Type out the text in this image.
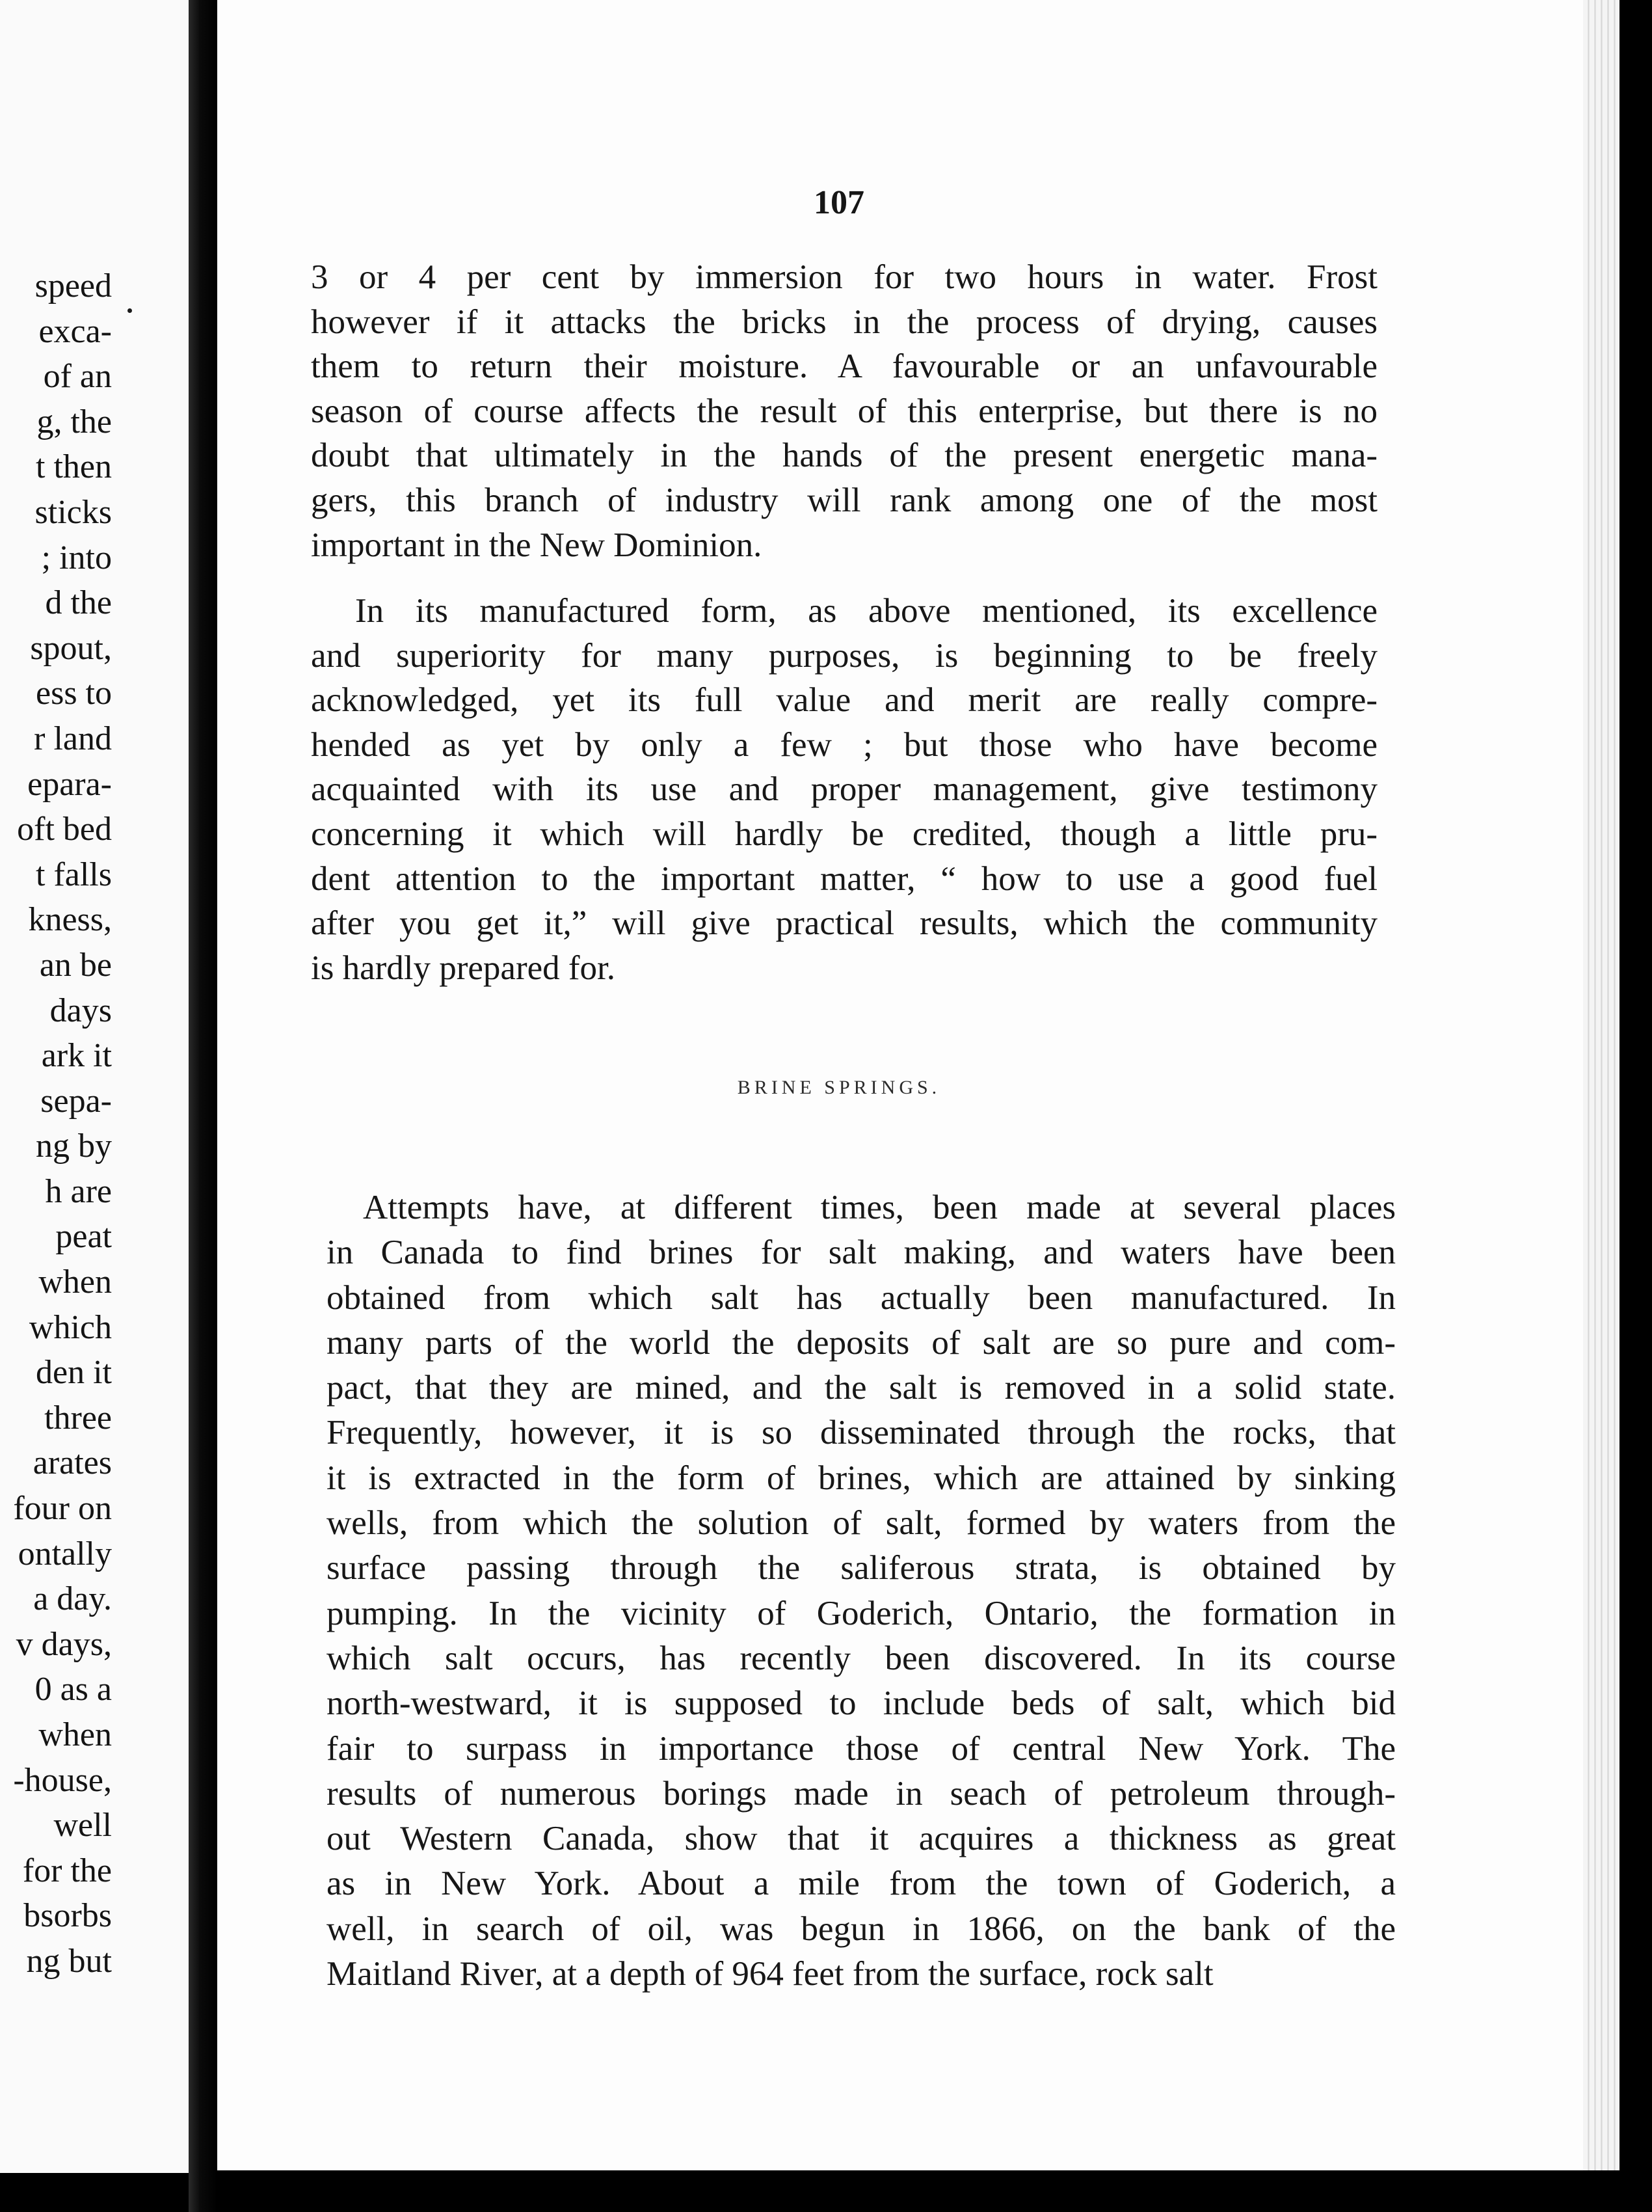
speed
exca-
of an
g, the
t then
sticks
; into
d the
spout,
ess to
r land
epara-
oft bed
t falls
kness,
an be
days
ark it
sepa-
ng by
h are
peat
when
which
den it
three
arates
four on
ontally
a day.
v days,
0 as a
when
-house,
well
for the
bsorbs
ng but
107
3 or 4 per cent by immersion for two hours in water. Frost
however if it attacks the bricks in the process of drying, causes
them to return their moisture. A favourable or an unfavourable
season of course affects the result of this enterprise, but there is no
doubt that ultimately in the hands of the present energetic mana-
gers, this branch of industry will rank among one of the most
important in the New Dominion.
In its manufactured form, as above mentioned, its excellence
and superiority for many purposes, is beginning to be freely
acknowledged, yet its full value and merit are really compre-
hended as yet by only a few ; but those who have become
acquainted with its use and proper management, give testimony
concerning it which will hardly be credited, though a little pru-
dent attention to the important matter, “ how to use a good fuel
after you get it,” will give practical results, which the community
is hardly prepared for.
BRINE SPRINGS.
Attempts have, at different times, been made at several places
in Canada to find brines for salt making, and waters have been
obtained from which salt has actually been manufactured. In
many parts of the world the deposits of salt are so pure and com-
pact, that they are mined, and the salt is removed in a solid state.
Frequently, however, it is so disseminated through the rocks, that
it is extracted in the form of brines, which are attained by sinking
wells, from which the solution of salt, formed by waters from the
surface passing through the saliferous strata, is obtained by
pumping. In the vicinity of Goderich, Ontario, the formation in
which salt occurs, has recently been discovered. In its course
north-westward, it is supposed to include beds of salt, which bid
fair to surpass in importance those of central New York. The
results of numerous borings made in seach of petroleum through-
out Western Canada, show that it acquires a thickness as great
as in New York. About a mile from the town of Goderich, a
well, in search of oil, was begun in 1866, on the bank of the
Maitland River, at a depth of 964 feet from the surface, rock salt
